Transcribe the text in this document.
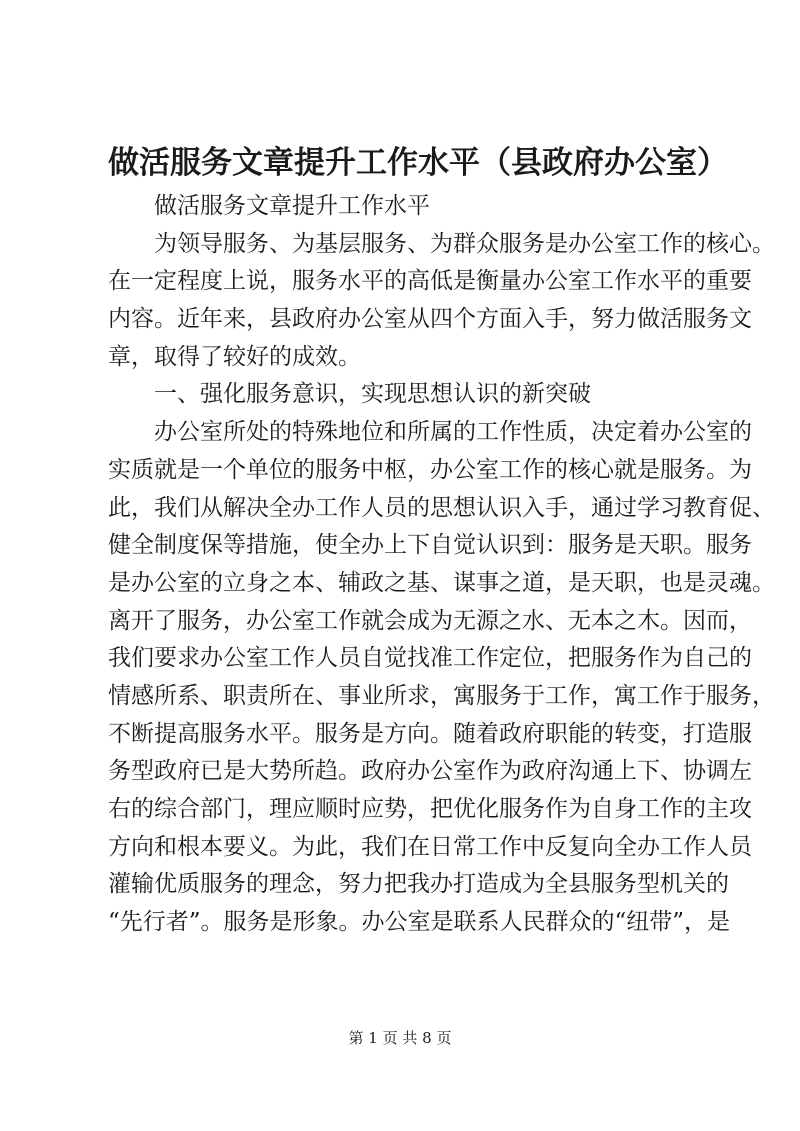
做活服务文章提升工作水平（县政府办公室）
做活服务文章提升工作水平
为领导服务、为基层服务、为群众服务是办公室工作的核心。
在一定程度上说，服务水平的高低是衡量办公室工作水平的重要
内容。近年来，县政府办公室从四个方面入手，努力做活服务文
章，取得了较好的成效。
一、强化服务意识，实现思想认识的新突破
办公室所处的特殊地位和所属的工作性质，决定着办公室的
实质就是一个单位的服务中枢，办公室工作的核心就是服务。为
此，我们从解决全办工作人员的思想认识入手，通过学习教育促、
健全制度保等措施，使全办上下自觉认识到：服务是天职。服务
是办公室的立身之本、辅政之基、谋事之道，是天职，也是灵魂。
离开了服务，办公室工作就会成为无源之水、无本之木。因而，
我们要求办公室工作人员自觉找准工作定位，把服务作为自己的
情感所系、职责所在、事业所求，寓服务于工作，寓工作于服务，
不断提高服务水平。服务是方向。随着政府职能的转变，打造服
务型政府已是大势所趋。政府办公室作为政府沟通上下、协调左
右的综合部门，理应顺时应势，把优化服务作为自身工作的主攻
方向和根本要义。为此，我们在日常工作中反复向全办工作人员
灌输优质服务的理念，努力把我办打造成为全县服务型机关的
“先行者”。服务是形象。办公室是联系人民群众的“纽带”，是
第 1 页 共 8 页
